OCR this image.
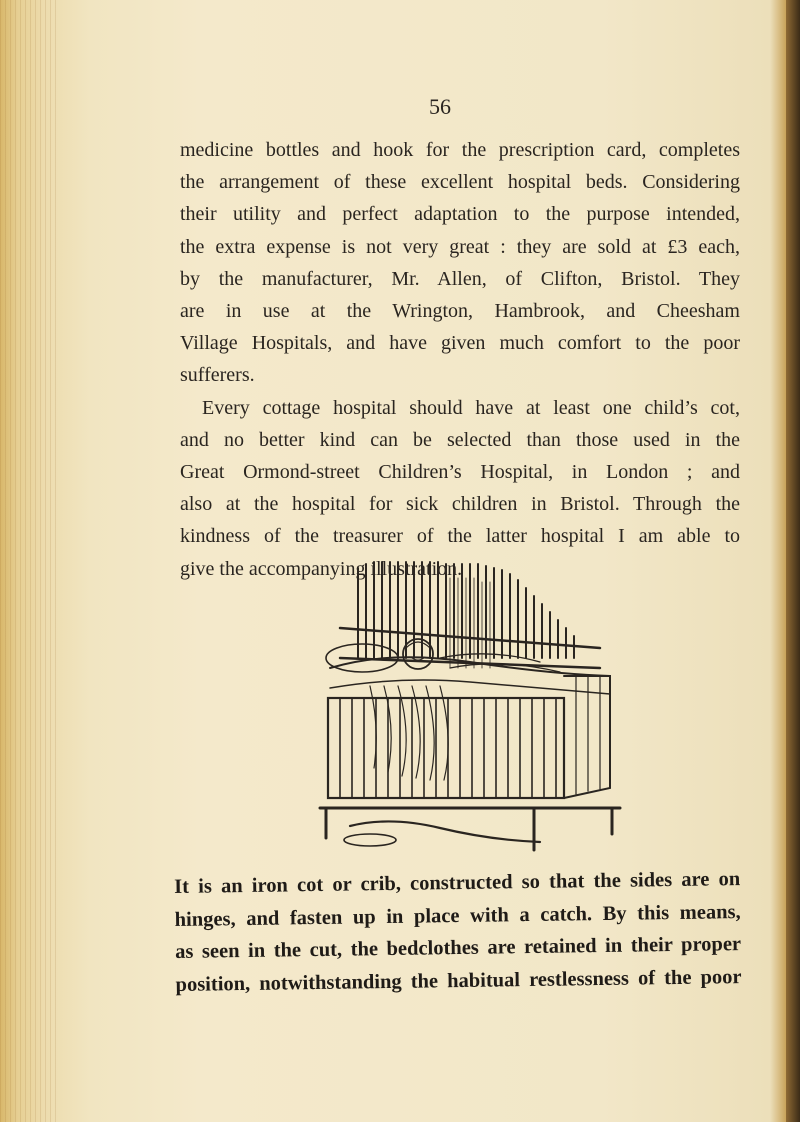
56
medicine bottles and hook for the prescription card, completes
the arrangement of these excellent hospital beds. Considering
their utility and perfect adaptation to the purpose intended,
the extra expense is not very great : they are sold at £3 each,
by the manufacturer, Mr. Allen, of Clifton, Bristol. They
are in use at the Wrington, Hambrook, and Cheesham
Village Hospitals, and have given much comfort to the poor
sufferers.
Every cottage hospital should have at least one child’s cot,
and no better kind can be selected than those used in the
Great Ormond-street Children’s Hospital, in London ; and
also at the hospital for sick children in Bristol. Through the
kindness of the treasurer of the latter hospital I am able to
give the accompanying illustration.
It is an iron cot or crib, constructed so that the sides are on
hinges, and fasten up in place with a catch. By this means,
as seen in the cut, the bedclothes are retained in their proper
position, notwithstanding the habitual restlessness of the poor
